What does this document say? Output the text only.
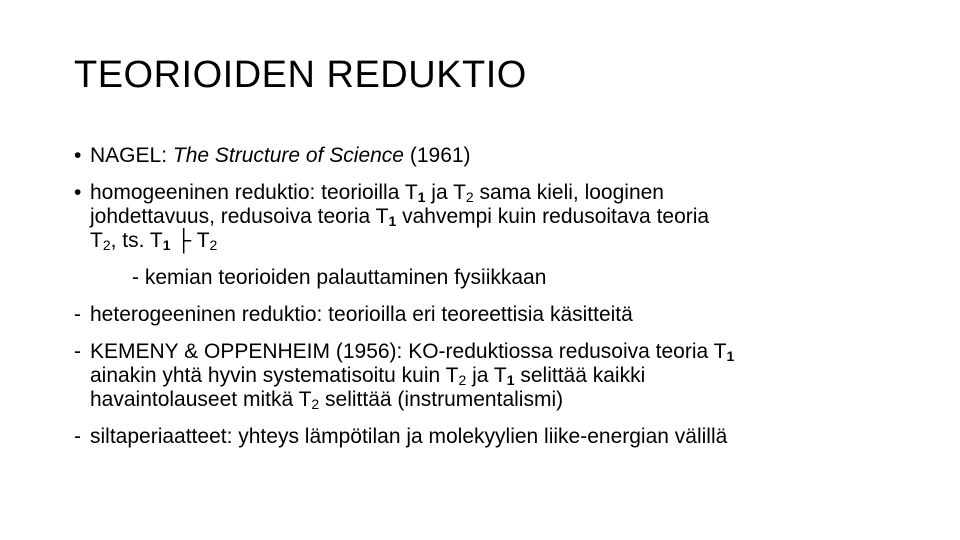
TEORIOIDEN REDUKTIO
• NAGEL: The Structure of Science (1961)
• homogeeninen reduktio: teorioilla $T_1$ ja $T_2$ sama kieli, looginen
johdettavuus, redusoiva teoria $T_1$ vahvempi kuin redusoitava teoria
$T_2$, ts. $T_1$ ├ $T_2$
- kemian teorioiden palauttaminen fysiikkaan
- heterogeeninen reduktio: teorioilla eri teoreettisia käsitteitä
- KEMENY & OPPENHEIM (1956): KO-reduktiossa redusoiva teoria $T_1$
ainakin yhtä hyvin systematisoitu kuin $T_2$ ja $T_1$ selittää kaikki
havaintolauseet mitkä $T_2$ selittää (instrumentalismi)
- siltaperiaatteet: yhteys lämpötilan ja molekyylien liike-energian välillä
